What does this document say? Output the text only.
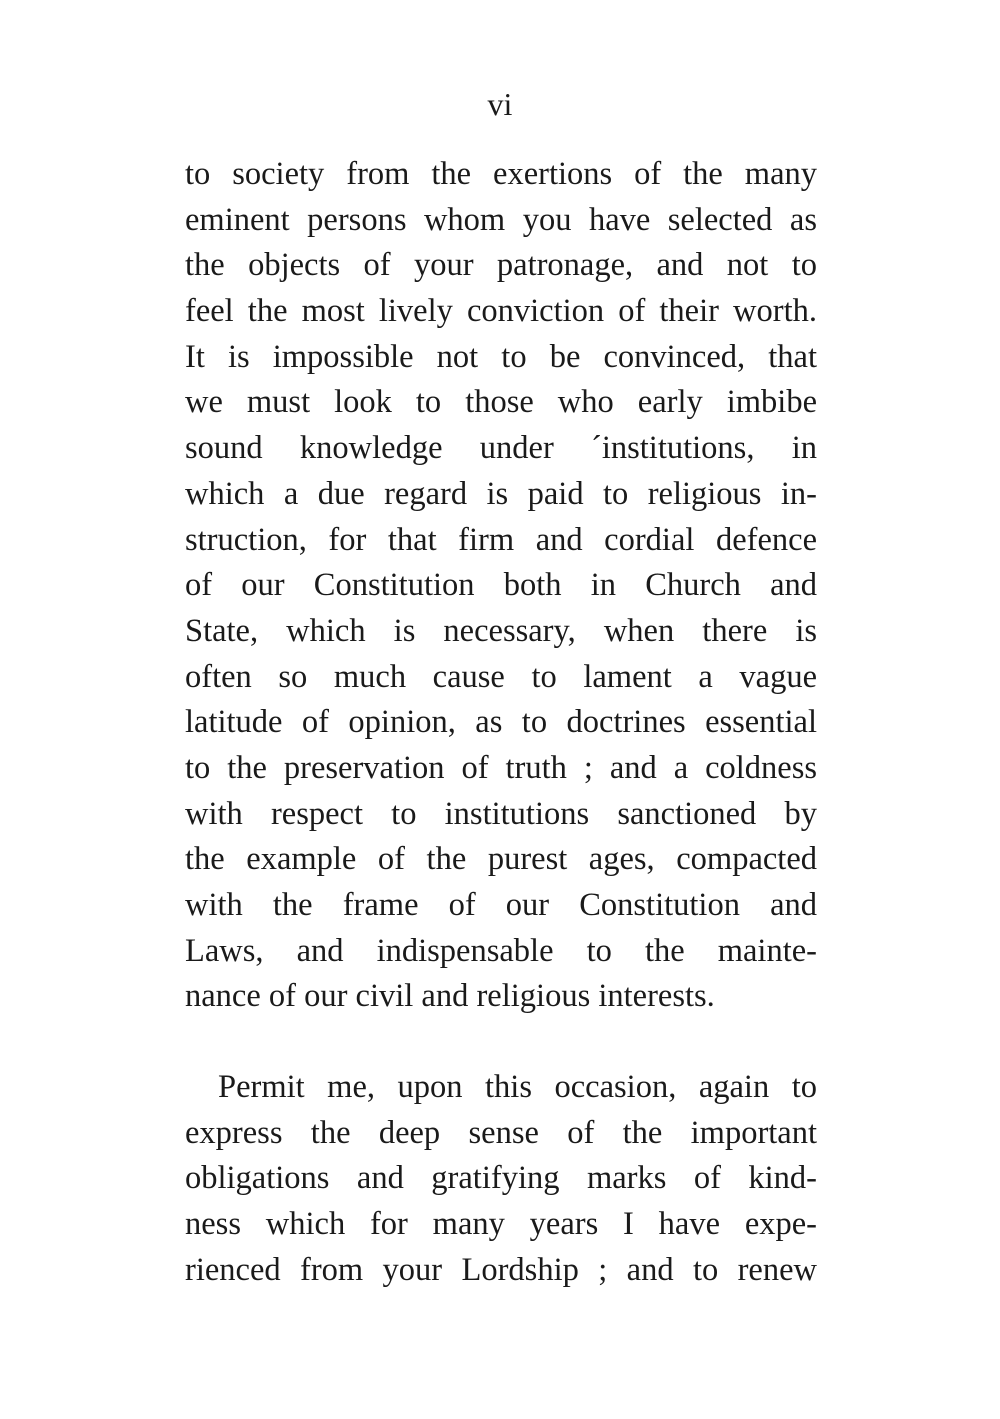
vi
to society from the exertions of the many
eminent persons whom you have selected as
the objects of your patronage, and not to
feel the most lively conviction of their worth.
It is impossible not to be convinced, that
we must look to those who early imbibe
sound knowledge under ´institutions, in
which a due regard is paid to religious in-
struction, for that firm and cordial defence
of our Constitution both in Church and
State, which is necessary, when there is
often so much cause to lament a vague
latitude of opinion, as to doctrines essential
to the preservation of truth ; and a coldness
with respect to institutions sanctioned by
the example of the purest ages, compacted
with the frame of our Constitution and
Laws, and indispensable to the mainte-
nance of our civil and religious interests.
Permit me, upon this occasion, again to
express the deep sense of the important
obligations and gratifying marks of kind-
ness which for many years I have expe-
rienced from your Lordship ; and to renew
